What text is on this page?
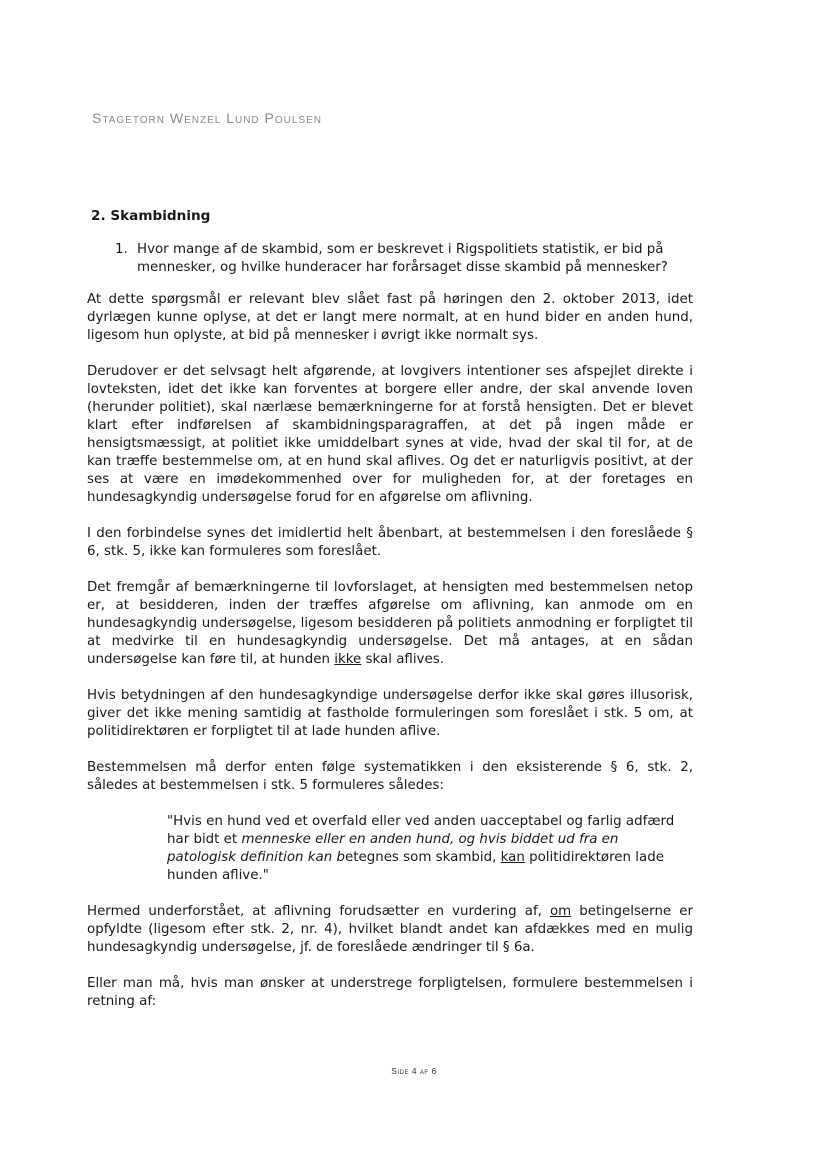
Stagetorn Wenzel Lund Poulsen
2. Skambidning
1. Hvor mange af de skambid, som er beskrevet i Rigspolitiets statistik, er bid på mennesker, og hvilke hunderacer har forårsaget disse skambid på mennesker?

At dette spørgsmål er relevant blev slået fast på høringen den 2. oktober 2013, idet dyrlægen kunne oplyse, at det er langt mere normalt, at en hund bider en anden hund, ligesom hun oplyste, at bid på mennesker i øvrigt ikke normalt sys.

Derudover er det selvsagt helt afgørende, at lovgivers intentioner ses afspejlet direkte i lovteksten, idet det ikke kan forventes at borgere eller andre, der skal anvende loven (herunder politiet), skal nærlæse bemærkningerne for at forstå hensigten. Det er blevet klart efter indførelsen af skambidningsparagraffen, at det på ingen måde er hensigtsmæssigt, at politiet ikke umiddelbart synes at vide, hvad der skal til for, at de kan træffe bestemmelse om, at en hund skal aflives. Og det er naturligvis positivt, at der ses at være en imødekommenhed over for muligheden for, at der foretages en hundesagkyndig undersøgelse forud for en afgørelse om aflivning.

I den forbindelse synes det imidlertid helt åbenbart, at bestemmelsen i den foreslåede § 6, stk. 5, ikke kan formuleres som foreslået.

Det fremgår af bemærkningerne til lovforslaget, at hensigten med bestemmelsen netop er, at besidderen, inden der træffes afgørelse om aflivning, kan anmode om en hundesagkyndig undersøgelse, ligesom besidderen på politiets anmodning er forpligtet til at medvirke til en hundesagkyndig undersøgelse. Det må antages, at en sådan undersøgelse kan føre til, at hunden ikke skal aflives.

Hvis betydningen af den hundesagkyndige undersøgelse derfor ikke skal gøres illusorisk, giver det ikke mening samtidig at fastholde formuleringen som foreslået i stk. 5 om, at politidirektøren er forpligtet til at lade hunden aflive.

Bestemmelsen må derfor enten følge systematikken i den eksisterende § 6, stk. 2, således at bestemmelsen i stk. 5 formuleres således:

"Hvis en hund ved et overfald eller ved anden uacceptabel og farlig adfærd har bidt et menneske eller en anden hund, og hvis biddet ud fra en patologisk definition kan betegnes som skambid, kan politidirektøren lade hunden aflive."

Hermed underforstået, at aflivning forudsætter en vurdering af, om betingelserne er opfyldte (ligesom efter stk. 2, nr. 4), hvilket blandt andet kan afdækkes med en mulig hundesagkyndig undersøgelse, jf. de foreslåede ændringer til § 6a.

Eller man må, hvis man ønsker at understrege forpligtelsen, formulere bestemmelsen i retning af:

Side 4 af 6
